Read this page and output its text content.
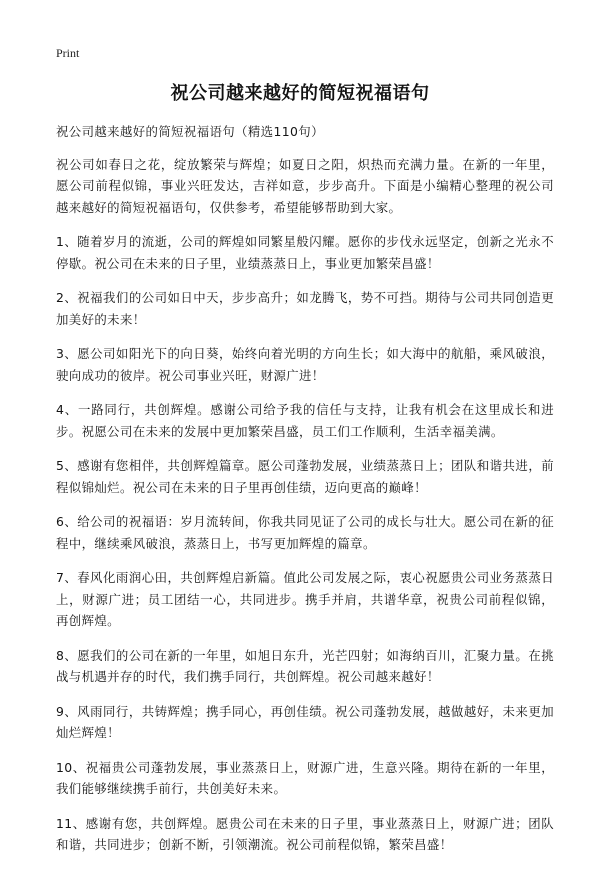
Print
祝公司越来越好的简短祝福语句

祝公司越来越好的简短祝福语句（精选110句）

祝公司如春日之花，绽放繁荣与辉煌；如夏日之阳，炽热而充满力量。在新的一年里，愿公司前程似锦，事业兴旺发达，吉祥如意，步步高升。下面是小编精心整理的祝公司越来越好的简短祝福语句，仅供参考，希望能够帮助到大家。

1、随着岁月的流逝，公司的辉煌如同繁星般闪耀。愿你的步伐永远坚定，创新之光永不停歇。祝公司在未来的日子里，业绩蒸蒸日上，事业更加繁荣昌盛！

2、祝福我们的公司如日中天，步步高升；如龙腾飞，势不可挡。期待与公司共同创造更加美好的未来！

3、愿公司如阳光下的向日葵，始终向着光明的方向生长；如大海中的航船，乘风破浪，驶向成功的彼岸。祝公司事业兴旺，财源广进！

4、一路同行，共创辉煌。感谢公司给予我的信任与支持，让我有机会在这里成长和进步。祝愿公司在未来的发展中更加繁荣昌盛，员工们工作顺利，生活幸福美满。

5、感谢有您相伴，共创辉煌篇章。愿公司蓬勃发展，业绩蒸蒸日上；团队和谐共进，前程似锦灿烂。祝公司在未来的日子里再创佳绩，迈向更高的巅峰！

6、给公司的祝福语：岁月流转间，你我共同见证了公司的成长与壮大。愿公司在新的征程中，继续乘风破浪，蒸蒸日上，书写更加辉煌的篇章。

7、春风化雨润心田，共创辉煌启新篇。值此公司发展之际，衷心祝愿贵公司业务蒸蒸日上，财源广进；员工团结一心，共同进步。携手并肩，共谱华章，祝贵公司前程似锦，再创辉煌。

8、愿我们的公司在新的一年里，如旭日东升，光芒四射；如海纳百川，汇聚力量。在挑战与机遇并存的时代，我们携手同行，共创辉煌。祝公司越来越好！

9、风雨同行，共铸辉煌；携手同心，再创佳绩。祝公司蓬勃发展，越做越好，未来更加灿烂辉煌！

10、祝福贵公司蓬勃发展，事业蒸蒸日上，财源广进，生意兴隆。期待在新的一年里，我们能够继续携手前行，共创美好未来。

11、感谢有您，共创辉煌。愿贵公司在未来的日子里，事业蒸蒸日上，财源广进；团队和谐，共同进步；创新不断，引领潮流。祝公司前程似锦，繁荣昌盛！
